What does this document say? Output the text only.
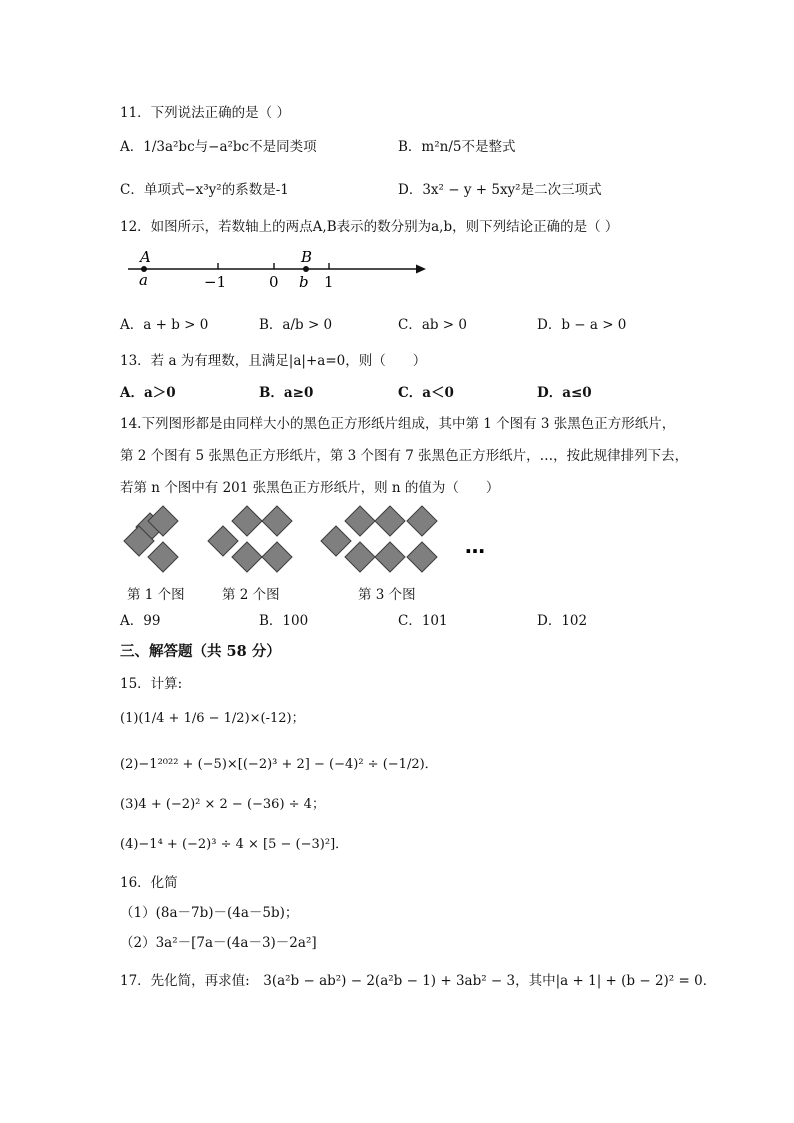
11．下列说法正确的是（ ）
A．1/3a²bc与−a²bc不是同类项	B．m²n/5不是整式
C．单项式−x³y²的系数是-1	D．3x² − y + 5xy²是二次三项式
12．如图所示，若数轴上的两点A,B表示的数分别为a,b，则下列结论正确的是（ ）
A
a
B
b
−1	0	1
A．a + b > 0	B．a/b > 0	C．ab > 0	D．b − a > 0
13．若 a 为有理数，且满足|a|+a=0，则（　　）
A．a＞0	B．a≥0	C．a＜0	D．a≤0
14.下列图形都是由同样大小的黑色正方形纸片组成，其中第 1 个图有 3 张黑色正方形纸片，
第 2 个图有 5 张黑色正方形纸片，第 3 个图有 7 张黑色正方形纸片，…，按此规律排列下去，
若第 n 个图中有 201 张黑色正方形纸片，则 n 的值为（　　）
…
第 1 个图	第 2 个图	第 3 个图
A．99	B．100	C．101	D．102
三、解答题（共 58 分）
15．计算:
(1)(1/4 + 1/6 − 1/2)×(-12)；
(2)−1²⁰²² + (−5)×[(−2)³ + 2] − (−4)² ÷ (−1/2)．
(3)4 + (−2)² × 2 − (−36) ÷ 4；
(4)−1⁴ + (−2)³ ÷ 4 × [5 − (−3)²]．
16．化简
（1）(8a－7b)－(4a－5b)；
（2）3a²－[7a－(4a－3)－2a²]
17．先化简，再求值:　3(a²b − ab²) − 2(a²b − 1) + 3ab² − 3，其中|a + 1| + (b − 2)² = 0．
